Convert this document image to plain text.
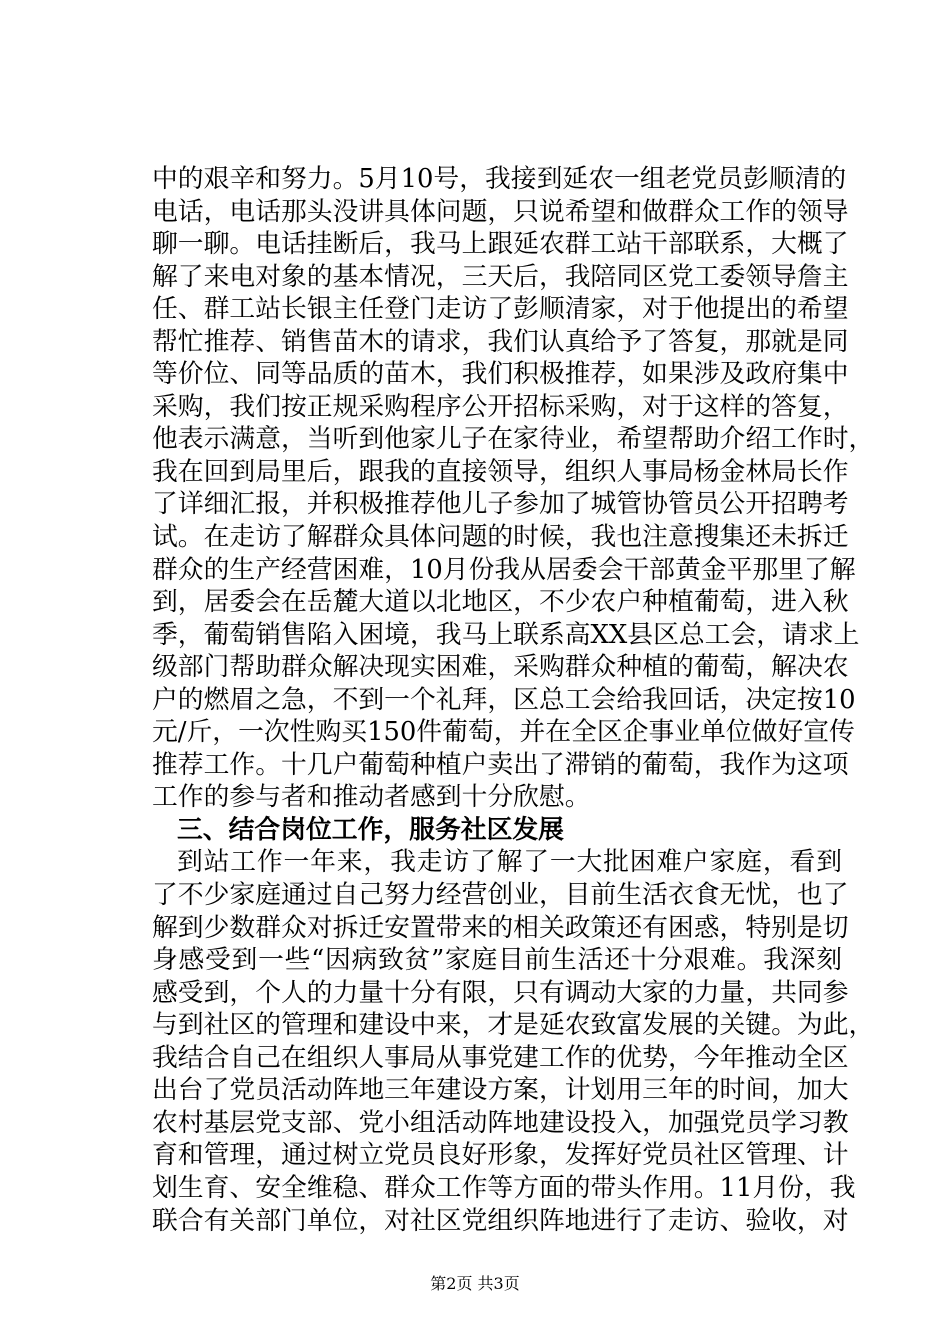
中的艰辛和努力。5月10号，我接到延农一组老党员彭顺清的
电话，电话那头没讲具体问题，只说希望和做群众工作的领导
聊一聊。电话挂断后，我马上跟延农群工站干部联系，大概了
解了来电对象的基本情况，三天后，我陪同区党工委领导詹主
任、群工站长银主任登门走访了彭顺清家，对于他提出的希望
帮忙推荐、销售苗木的请求，我们认真给予了答复，那就是同
等价位、同等品质的苗木，我们积极推荐，如果涉及政府集中
采购，我们按正规采购程序公开招标采购，对于这样的答复，
他表示满意，当听到他家儿子在家待业，希望帮助介绍工作时，
我在回到局里后，跟我的直接领导，组织人事局杨金林局长作
了详细汇报，并积极推荐他儿子参加了城管协管员公开招聘考
试。在走访了解群众具体问题的时候，我也注意搜集还未拆迁
群众的生产经营困难，10月份我从居委会干部黄金平那里了解
到，居委会在岳麓大道以北地区，不少农户种植葡萄，进入秋
季，葡萄销售陷入困境，我马上联系高XX县区总工会，请求上
级部门帮助群众解决现实困难，采购群众种植的葡萄，解决农
户的燃眉之急，不到一个礼拜，区总工会给我回话，决定按10
元/斤，一次性购买150件葡萄，并在全区企事业单位做好宣传
推荐工作。十几户葡萄种植户卖出了滞销的葡萄，我作为这项
工作的参与者和推动者感到十分欣慰。
三、结合岗位工作，服务社区发展
到站工作一年来，我走访了解了一大批困难户家庭，看到
了不少家庭通过自己努力经营创业，目前生活衣食无忧，也了
解到少数群众对拆迁安置带来的相关政策还有困惑，特别是切
身感受到一些“因病致贫”家庭目前生活还十分艰难。我深刻
感受到，个人的力量十分有限，只有调动大家的力量，共同参
与到社区的管理和建设中来，才是延农致富发展的关键。为此，
我结合自己在组织人事局从事党建工作的优势，今年推动全区
出台了党员活动阵地三年建设方案，计划用三年的时间，加大
农村基层党支部、党小组活动阵地建设投入，加强党员学习教
育和管理，通过树立党员良好形象，发挥好党员社区管理、计
划生育、安全维稳、群众工作等方面的带头作用。11月份，我
联合有关部门单位，对社区党组织阵地进行了走访、验收，对
第2页 共3页
